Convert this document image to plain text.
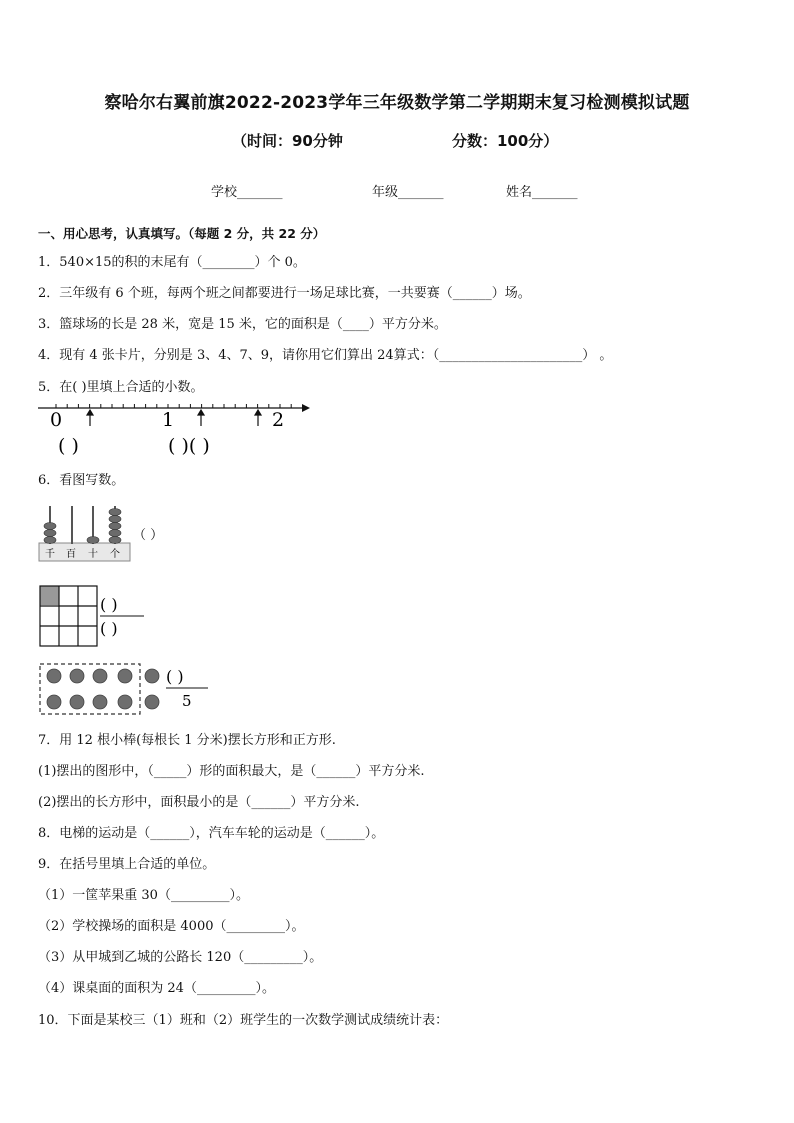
察哈尔右翼前旗2022-2023学年三年级数学第二学期期末复习检测模拟试题
（时间：90分钟	分数：100分）
学校_______	年级_______	姓名_______
一、用心思考，认真填写。（每题 2 分，共 22 分）
1．540×15的积的末尾有（________）个 0。
2．三年级有 6 个班，每两个班之间都要进行一场足球比赛，一共要赛（______）场。
3．篮球场的长是 28 米，宽是 15 米，它的面积是（____）平方分米。
4．现有 4 张卡片，分别是 3、4、7、9，请你用它们算出 24算式：（______________________） 。
5．在( )里填上合适的小数。
0	1	2
( )	( )( )
6．看图写数。
千 百 十 个
（ ）
( )
( )
( )
5
7．用 12 根小棒(每根长 1 分米)摆长方形和正方形.
(1)摆出的图形中，（_____）形的面积最大，是（______）平方分米.
(2)摆出的长方形中，面积最小的是（______）平方分米.
8．电梯的运动是（______），汽车车轮的运动是（______）。
9．在括号里填上合适的单位。
（1）一筐苹果重 30（_________）。
（2）学校操场的面积是 4000（_________）。
（3）从甲城到乙城的公路长 120（_________）。
（4）课桌面的面积为 24（_________）。
10．下面是某校三（1）班和（2）班学生的一次数学测试成绩统计表：
